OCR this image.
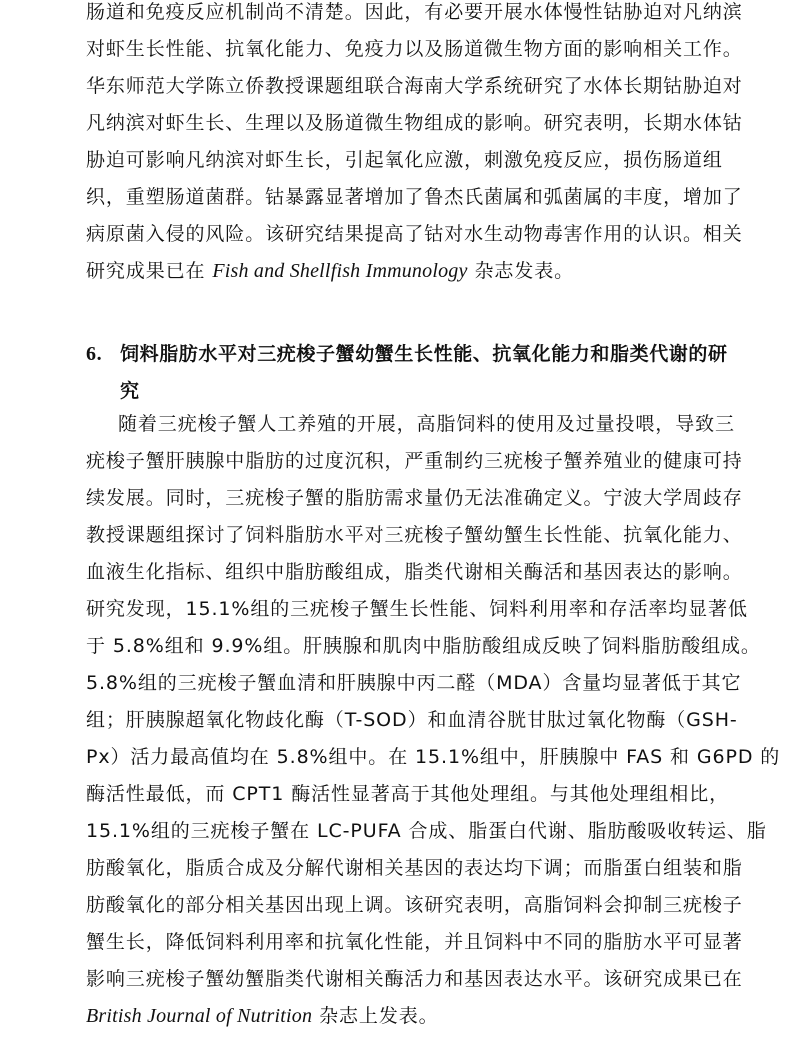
肠道和免疫反应机制尚不清楚。因此，有必要开展水体慢性钴胁迫对凡纳滨
对虾生长性能、抗氧化能力、免疫力以及肠道微生物方面的影响相关工作。
华东师范大学陈立侨教授课题组联合海南大学系统研究了水体长期钴胁迫对
凡纳滨对虾生长、生理以及肠道微生物组成的影响。研究表明，长期水体钴
胁迫可影响凡纳滨对虾生长，引起氧化应激，刺激免疫反应，损伤肠道组
织，重塑肠道菌群。钴暴露显著增加了鲁杰氏菌属和弧菌属的丰度，增加了
病原菌入侵的风险。该研究结果提高了钴对水生动物毒害作用的认识。相关
研究成果已在 Fish and Shellfish Immunology 杂志发表。
6. 饲料脂肪水平对三疣梭子蟹幼蟹生长性能、抗氧化能力和脂类代谢的研
究
随着三疣梭子蟹人工养殖的开展，高脂饲料的使用及过量投喂，导致三
疣梭子蟹肝胰腺中脂肪的过度沉积，严重制约三疣梭子蟹养殖业的健康可持
续发展。同时，三疣梭子蟹的脂肪需求量仍无法准确定义。宁波大学周歧存
教授课题组探讨了饲料脂肪水平对三疣梭子蟹幼蟹生长性能、抗氧化能力、
血液生化指标、组织中脂肪酸组成，脂类代谢相关酶活和基因表达的影响。
研究发现，15.1%组的三疣梭子蟹生长性能、饲料利用率和存活率均显著低
于 5.8%组和 9.9%组。肝胰腺和肌肉中脂肪酸组成反映了饲料脂肪酸组成。
5.8%组的三疣梭子蟹血清和肝胰腺中丙二醛（MDA）含量均显著低于其它
组；肝胰腺超氧化物歧化酶（T-SOD）和血清谷胱甘肽过氧化物酶（GSH-
Px）活力最高值均在 5.8%组中。在 15.1%组中，肝胰腺中 FAS 和 G6PD 的
酶活性最低，而 CPT1 酶活性显著高于其他处理组。与其他处理组相比，
15.1%组的三疣梭子蟹在 LC-PUFA 合成、脂蛋白代谢、脂肪酸吸收转运、脂
肪酸氧化，脂质合成及分解代谢相关基因的表达均下调；而脂蛋白组装和脂
肪酸氧化的部分相关基因出现上调。该研究表明，高脂饲料会抑制三疣梭子
蟹生长，降低饲料利用率和抗氧化性能，并且饲料中不同的脂肪水平可显著
影响三疣梭子蟹幼蟹脂类代谢相关酶活力和基因表达水平。该研究成果已在
British Journal of Nutrition 杂志上发表。
